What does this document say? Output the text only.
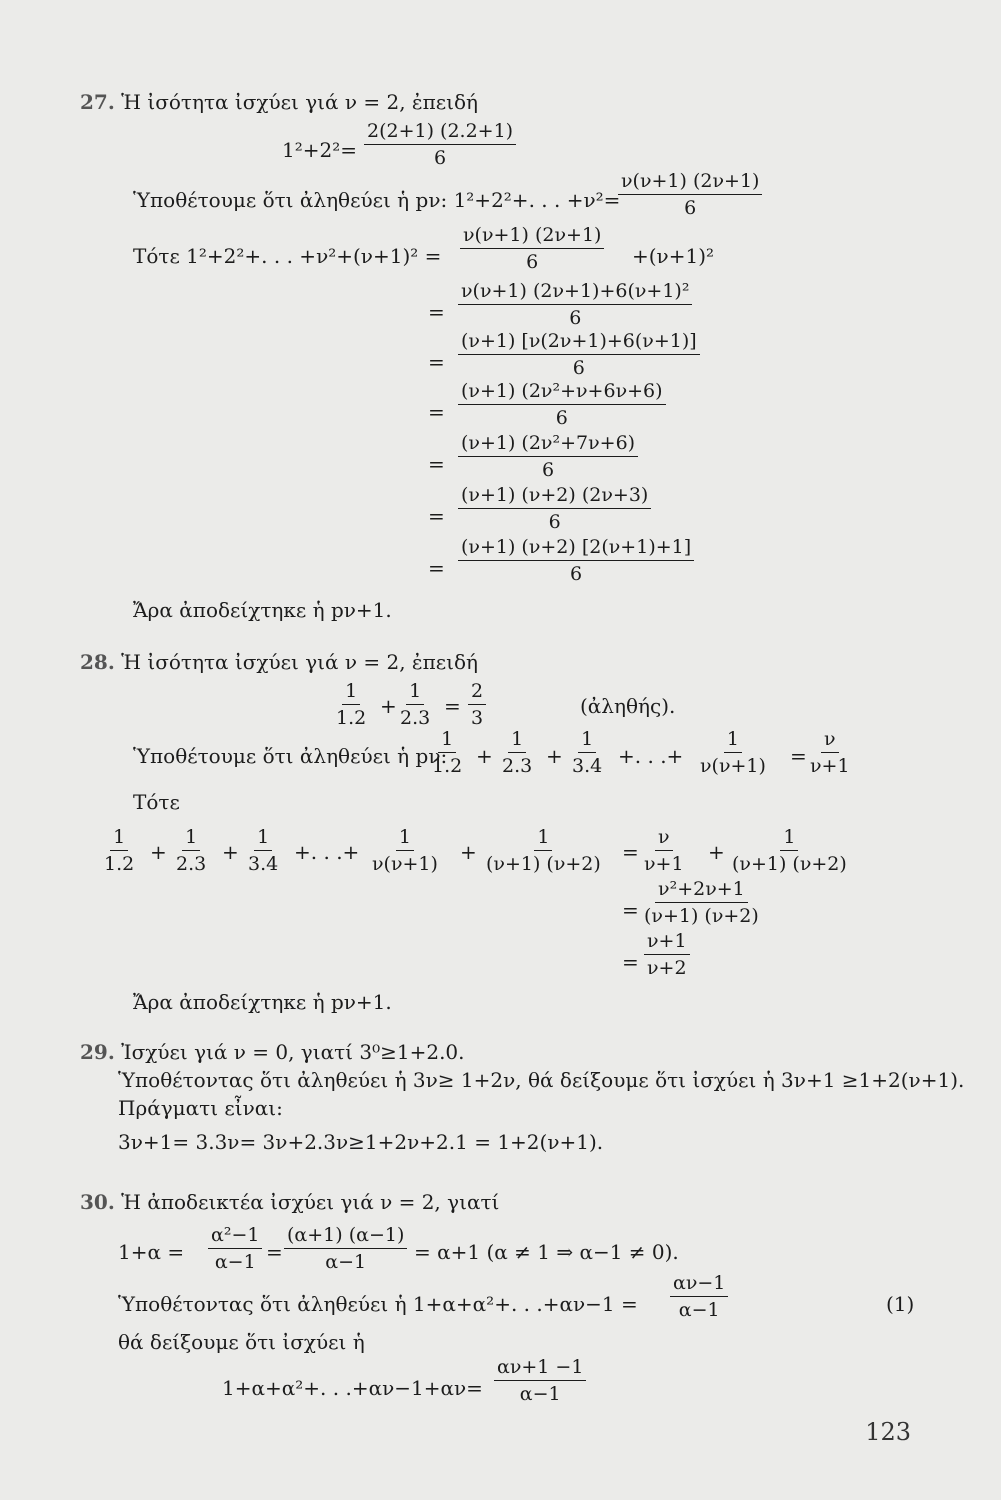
27. Ἡ ἰσότητα ἰσχύει γιά ν = 2, ἐπειδή
$1^2+2^2= \frac{2(2+1) (2.2+1)}{6}$
Ὑποθέτουμε ὅτι ἀληθεύει ἡ pν: 1²+2²+. . . +ν²=
$\frac{\nu(\nu+1) (2\nu+1)}{6}$
Τότε 1²+2²+. . . $+\nu^2+(\nu+1)^2 = \frac{\nu(\nu+1) (2\nu+1)}{6} +(\nu+1)^2$
= $\frac{\text{ν(ν+1) (2ν+1)+6(ν+1)²}}{6}$
= $\frac{(\nu+1) [\nu(2\nu+1)+6(\nu+1)]}{6}$
= $\frac{\text{(ν+1) (2ν²+ν+6ν+6)}}{6}$
= $\frac{\text{(ν+1) (2ν²+7ν+6)}}{6}$
= $\frac{(\nu+1) (\nu+2) (2\nu+3)}{6}$
= $\frac{(\nu+1) (\nu+2) [2(\nu+1)+1]}{6}$
Ἄρα ἀποδείχτηκε ἡ pν+1.
28. Ἡ ἰσότητα ἰσχύει γιά ν = 2, ἐπειδή
$\frac{1}{1.2} + \frac{1}{2.3} = \frac{2}{3}$	(ἀληθής).
Ὑποθέτουμε ὅτι ἀληθεύει ἡ pν:
$\frac{1}{1.2} + \frac{1}{2.3} + \frac{1}{3.4}$ +. . .+ $\frac{1}{\nu(\nu+1)} = \frac{\nu}{\nu+1}$
Τότε
$\frac{1}{1.2} + \frac{1}{2.3} + \frac{1}{3.4}$ +. . .+ $\frac{1}{\nu(\nu+1)} + \frac{1}{(\nu+1) (\nu+2)} = \frac{\nu}{\nu+1} + \frac{1}{(\nu+1) (\nu+2)}$
= $\frac{\text{ν²+2ν+1}}{(\nu+1) (\nu+2)}$
= $\frac{\nu+1}{\nu+2}$
Ἄρα ἀποδείχτηκε ἡ pν+1.
29. Ἰσχύει γιά ν = 0, γιατί 3⁰≥1+2.0.
Ὑποθέτοντας ὅτι ἀληθεύει ἡ 3ν≥ 1+2ν, θά δείξουμε ὅτι ἰσχύει ἡ 3ν+1 ≥1+2(ν+1).
Πράγματι εἶναι:
3ν+1= 3.3ν= 3ν+2.3ν≥1+2ν+2.1 = 1+2(ν+1).
30. Ἡ ἀποδεικτέα ἰσχύει γιά ν = 2, γιατί
$1+\alpha = \frac{\text{α²−1}}{\alpha-1} = \frac{(\alpha+1) (\alpha-1)}{\alpha-1} = \alpha+1$ (α ≠ 1 ⇒ α−1 ≠ 0).
Ὑποθέτοντας ὅτι ἀληθεύει ἡ 1+α+α²+. . $.+\alpha\nu-1 = \frac{\alpha\nu-1}{\alpha-1}$	(1)
θά δείξουμε ὅτι ἰσχύει ἡ
1+α+α²+. . $.+\alpha\nu-1+\alpha\nu= \frac{\alpha\nu+1 -1}{\alpha-1}$
123
